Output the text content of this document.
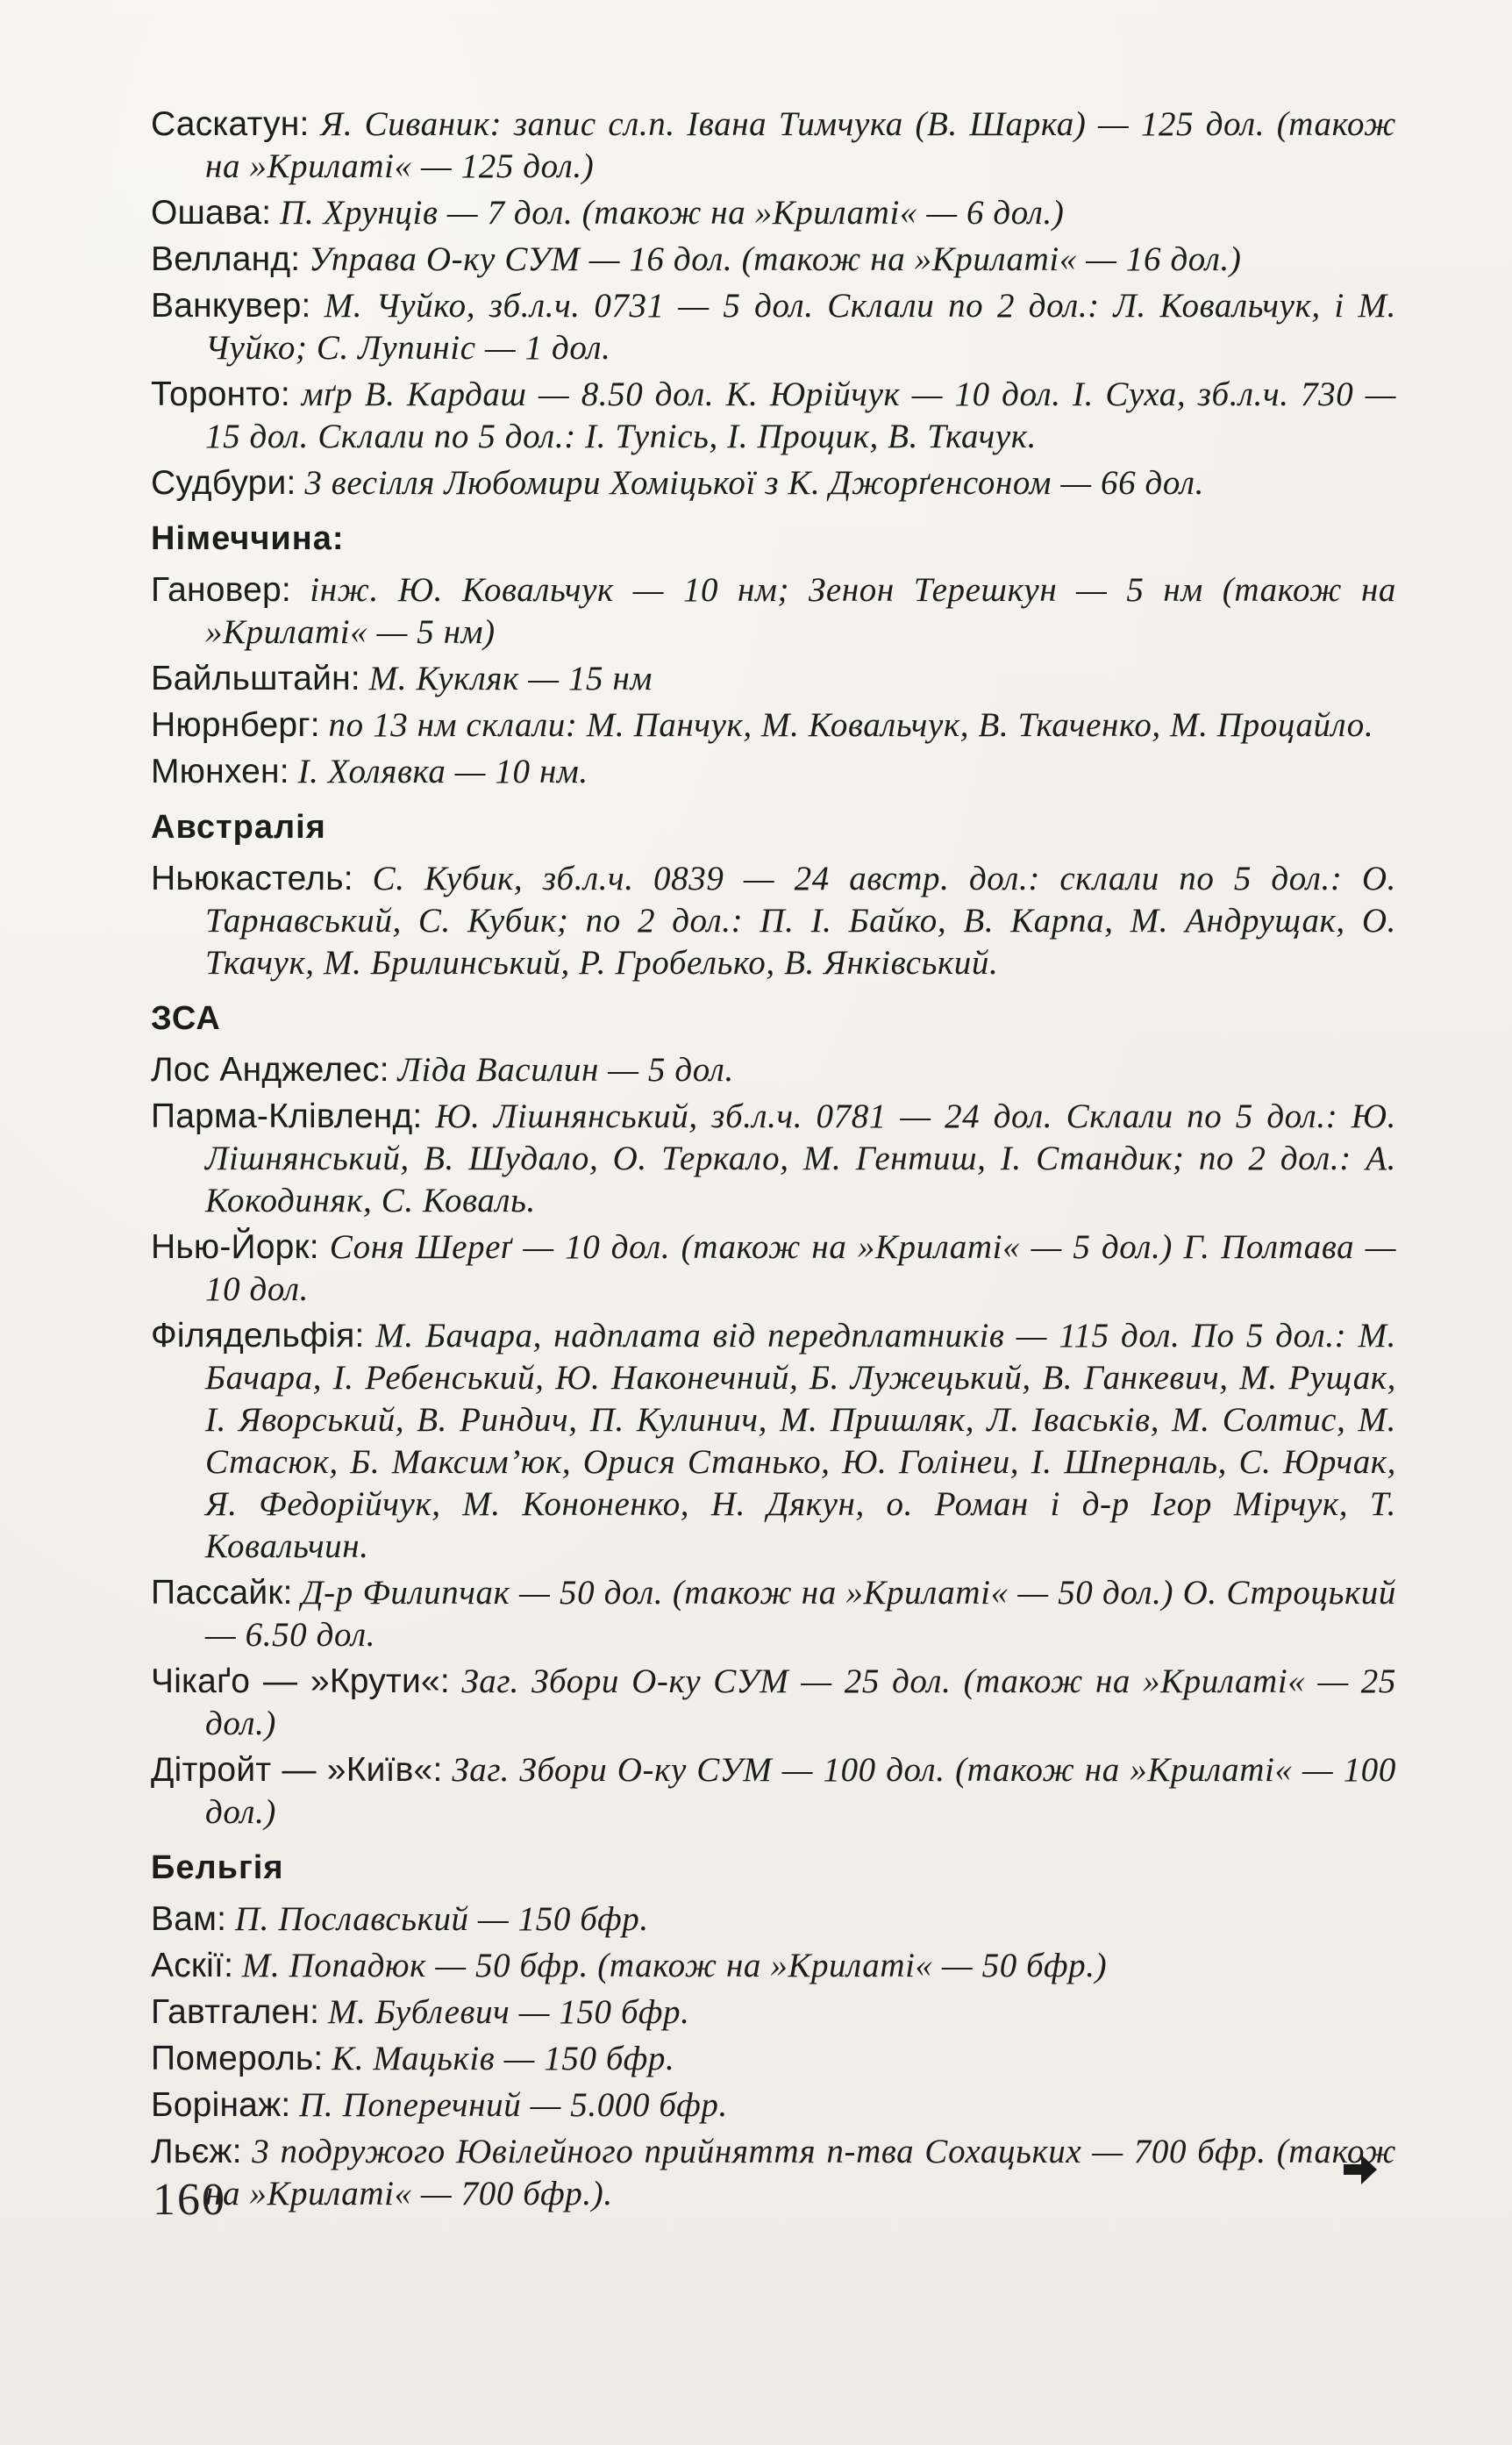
Саскатун: Я. Сиваник: запис сл.п. Івана Тимчука (В. Шарка) — 125 дол. (також на »Крилаті« — 125 дол.)

Ошава: П. Хрунців — 7 дол. (також на »Крилаті« — 6 дол.)

Велланд: Управа О-ку СУМ — 16 дол. (також на »Крилаті« — 16 дол.)

Ванкувер: М. Чуйко, зб.л.ч. 0731 — 5 дол. Склали по 2 дол.: Л. Ковальчук, і М. Чуйко; С. Лупиніс — 1 дол.

Торонто: мґр В. Кардаш — 8.50 дол. К. Юрійчук — 10 дол. І. Суха, зб.л.ч. 730 — 15 дол. Склали по 5 дол.: І. Тупісь, І. Процик, В. Ткачук.

Судбури: 3 весілля Любомири Хоміцької з К. Джорґенсоном — 66 дол.

Німеччина:

Гановер: інж. Ю. Ковальчук — 10 нм; Зенон Терешкун — 5 нм (також на »Крилаті« — 5 нм)

Байльштайн: М. Кукляк — 15 нм

Нюрнберг: по 13 нм склали: М. Панчук, М. Ковальчук, В. Ткаченко, М. Процайло.

Мюнхен: І. Холявка — 10 нм.

Австралія

Ньюкастель: С. Кубик, зб.л.ч. 0839 — 24 австр. дол.: склали по 5 дол.: О. Тарнавський, С. Кубик; по 2 дол.: П. І. Байко, В. Карпа, М. Андрущак, О. Ткачук, М. Брилинський, Р. Гробелько, В. Янківський.

ЗСА

Лос Анджелес: Ліда Василин — 5 дол.

Парма-Клівленд: Ю. Лішнянський, зб.л.ч. 0781 — 24 дол. Склали по 5 дол.: Ю. Лішнянський, В. Шудало, О. Теркало, М. Гентиш, І. Стандик; по 2 дол.: А. Кокодиняк, С. Коваль.

Нью-Йорк: Соня Шереґ — 10 дол. (також на »Крилаті« — 5 дол.) Г. Полтава — 10 дол.

Філядельфія: М. Бачара, надплата від передплатників — 115 дол. По 5 дол.: М. Бачара, І. Ребенський, Ю. Наконечний, Б. Лужецький, В. Ганкевич, М. Рущак, І. Яворський, В. Риндич, П. Кулинич, М. Пришляк, Л. Іваськів, М. Солтис, М. Стасюк, Б. Максим’юк, Орися Станько, Ю. Голінеи, І. Шперналь, С. Юрчак, Я. Федорійчук, М. Кононенко, Н. Дякун, о. Роман і д-р Ігор Мірчук, Т. Ковальчин.

Пассайк: Д-р Филипчак — 50 дол. (також на »Крилаті« — 50 дол.) О. Строцький — 6.50 дол.

Чікаґо — »Крути«: Заг. Збори О-ку СУМ — 25 дол. (також на »Крилаті« — 25 дол.)

Дітройт — »Київ«: Заг. Збори О-ку СУМ — 100 дол. (також на »Крилаті« — 100 дол.)

Бельгія

Вам: П. Пославський — 150 бфр.

Аскії: М. Попадюк — 50 бфр. (також на »Крилаті« — 50 бфр.)

Гавтгален: М. Бублевич — 150 бфр.

Помероль: К. Мацьків — 150 бфр.

Борінаж: П. Поперечний — 5.000 бфр.

Льєж: 3 подружого Ювілейного прийняття п-тва Сохацьких — 700 бфр. (також на »Крилаті« — 700 бфр.).

160
